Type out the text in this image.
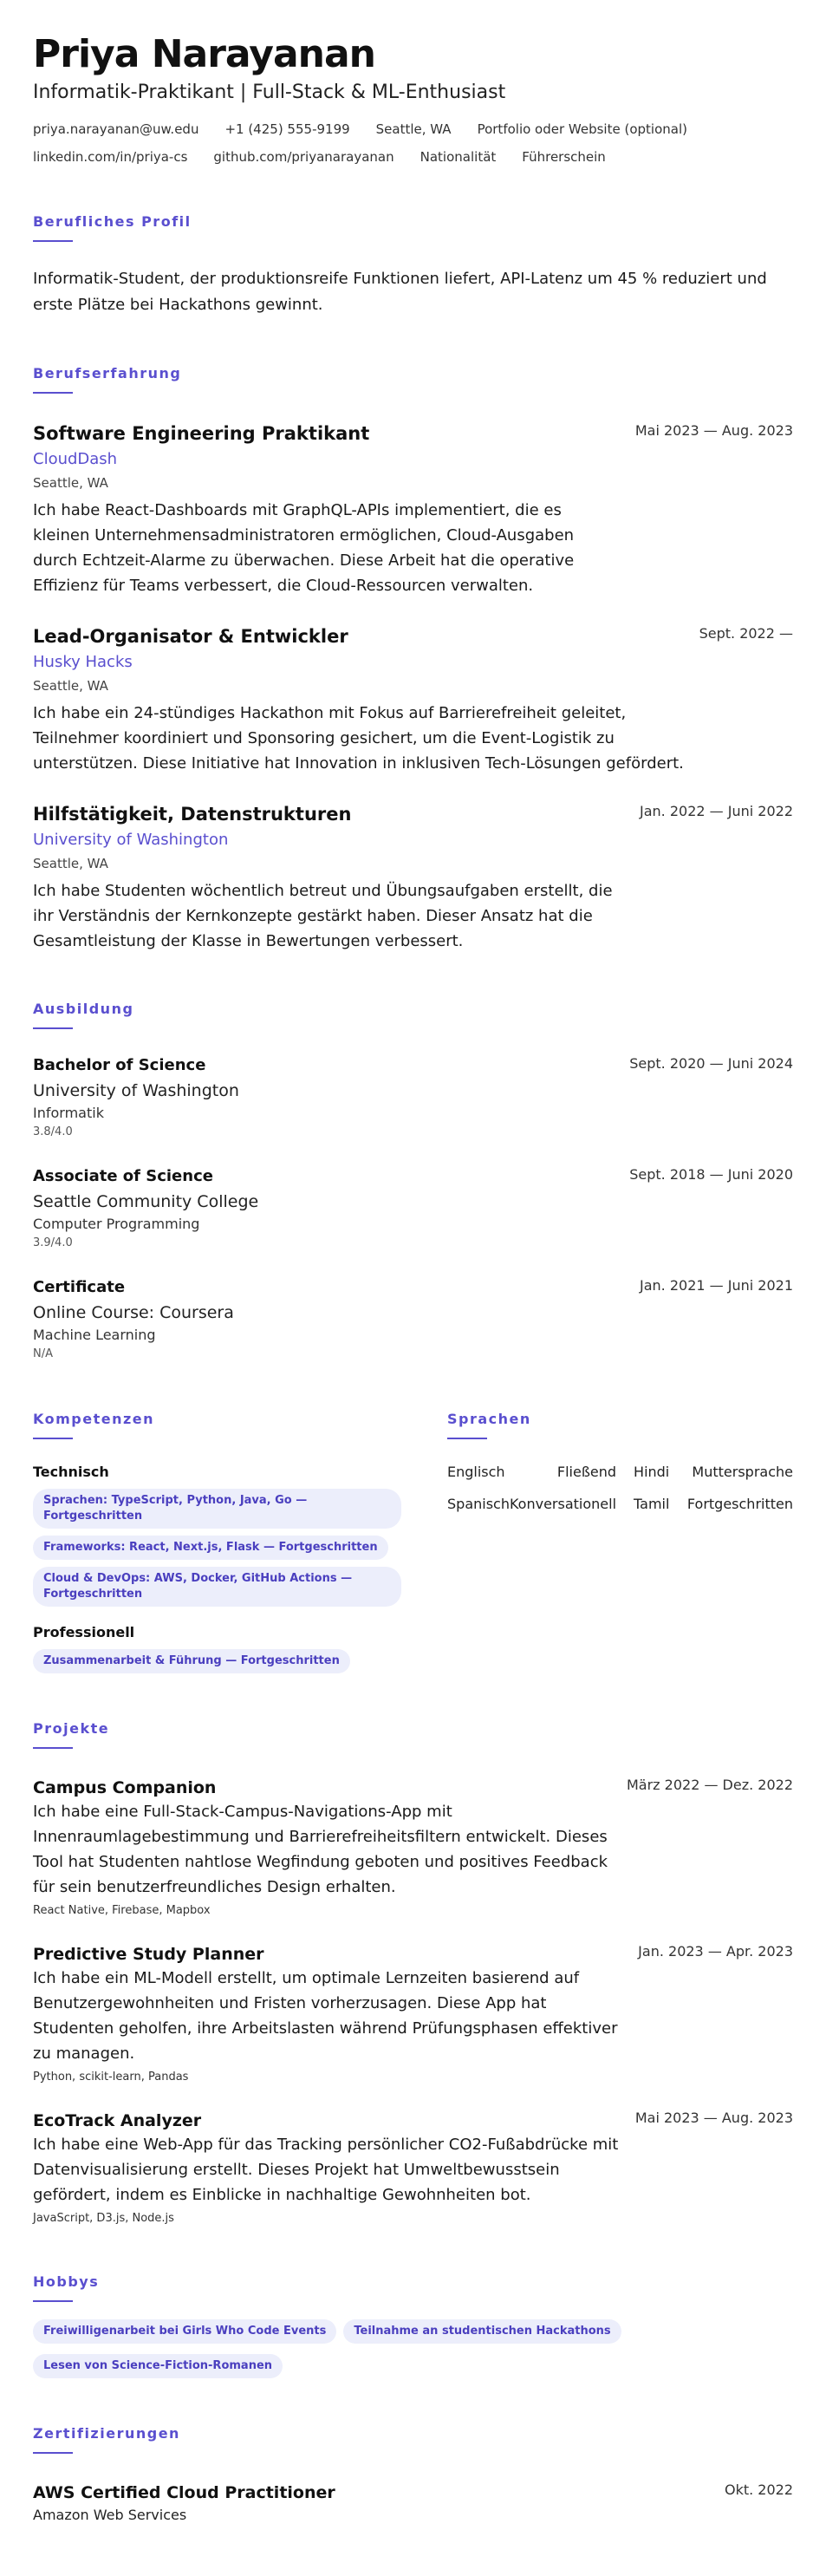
Priya Narayanan
Informatik-Praktikant | Full-Stack & ML-Enthusiast
priya.narayanan@uw.edu +1 (425) 555-9199 Seattle, WA Portfolio oder Website (optional)
linkedin.com/in/priya-cs github.com/priyanarayanan Nationalität Führerschein
Berufliches Profil

Informatik-Student, der produktionsreife Funktionen liefert, API-Latenz um 45 % reduziert und erste Plätze bei Hackathons gewinnt.

Berufserfahrung
Mai 2023 — Aug. 2023
Software Engineering Praktikant
CloudDash
Seattle, WA

Ich habe React-Dashboards mit GraphQL-APIs implementiert, die es kleinen Unternehmensadministratoren ermöglichen, Cloud-Ausgaben durch Echtzeit-Alarme zu überwachen. Diese Arbeit hat die operative Effizienz für Teams verbessert, die Cloud-Ressourcen verwalten.

Sept. 2022 —
Lead-Organisator & Entwickler
Husky Hacks
Seattle, WA

Ich habe ein 24-stündiges Hackathon mit Fokus auf Barrierefreiheit geleitet, Teilnehmer koordiniert und Sponsoring gesichert, um die Event-Logistik zu unterstützen. Diese Initiative hat Innovation in inklusiven Tech-Lösungen gefördert.

Jan. 2022 — Juni 2022
Hilfstätigkeit, Datenstrukturen
University of Washington
Seattle, WA

Ich habe Studenten wöchentlich betreut und Übungsaufgaben erstellt, die ihr Verständnis der Kernkonzepte gestärkt haben. Dieser Ansatz hat die Gesamtleistung der Klasse in Bewertungen verbessert.

Ausbildung
Sept. 2020 — Juni 2024
Bachelor of Science
University of Washington
Informatik
3.8/4.0
Sept. 2018 — Juni 2020
Associate of Science
Seattle Community College
Computer Programming
3.9/4.0
Jan. 2021 — Juni 2021
Certificate
Online Course: Coursera
Machine Learning
N/A
Kompetenzen
Technisch
Sprachen: TypeScript, Python, Java, Go — Fortgeschritten
Frameworks: React, Next.js, Flask — Fortgeschritten
Cloud & DevOps: AWS, Docker, GitHub Actions — Fortgeschritten
Professionell
Zusammenarbeit & Führung — Fortgeschritten
Sprachen
Englisch	Fließend Hindi Muttersprache
Spanisch Konversationell Tamil Fortgeschritten
Projekte
März 2022 — Dez. 2022
Campus Companion

Ich habe eine Full-Stack-Campus-Navigations-App mit Innenraumlagebestimmung und Barrierefreiheitsfiltern entwickelt. Dieses Tool hat Studenten nahtlose Wegfindung geboten und positives Feedback für sein benutzerfreundliches Design erhalten.

React Native, Firebase, Mapbox
Jan. 2023 — Apr. 2023
Predictive Study Planner

Ich habe ein ML-Modell erstellt, um optimale Lernzeiten basierend auf Benutzergewohnheiten und Fristen vorherzusagen. Diese App hat Studenten geholfen, ihre Arbeitslasten während Prüfungsphasen effektiver zu managen.

Python, scikit-learn, Pandas
Mai 2023 — Aug. 2023
EcoTrack Analyzer

Ich habe eine Web-App für das Tracking persönlicher CO2-Fußabdrücke mit Datenvisualisierung erstellt. Dieses Projekt hat Umweltbewusstsein gefördert, indem es Einblicke in nachhaltige Gewohnheiten bot.

JavaScript, D3.js, Node.js
Hobbys
Freiwilligenarbeit bei Girls Who Code Events	Teilnahme an studentischen Hackathons
Lesen von Science-Fiction-Romanen
Zertifizierungen
Okt. 2022
AWS Certified Cloud Practitioner
Amazon Web Services
